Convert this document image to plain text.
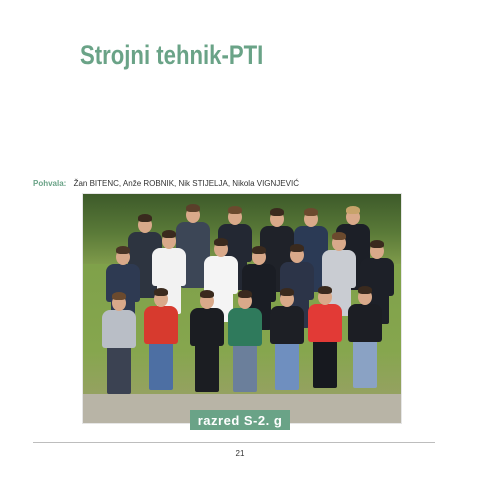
Strojni tehnik-PTI
Pohvala: Žan BITENC, Anže ROBNIK, Nik STIJELJA, Nikola VIGNJEVIĆ
razred S-2. g
21
